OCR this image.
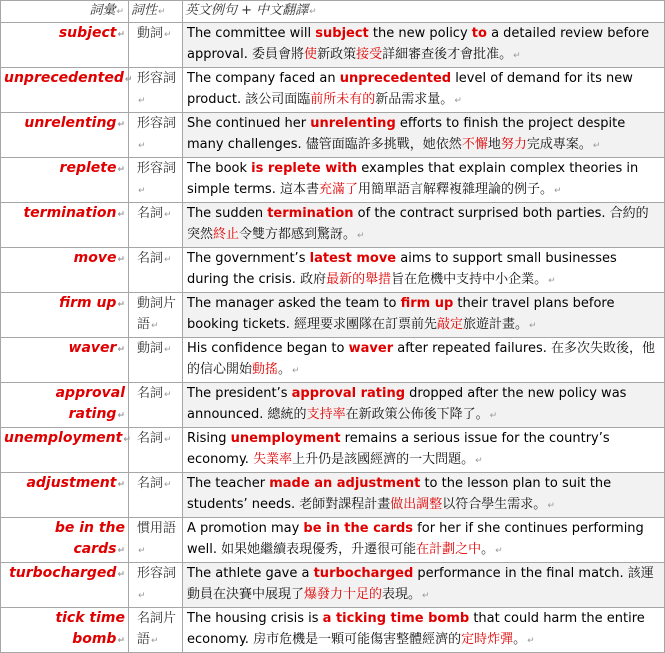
詞彙↵	詞性↵	英文例句 + 中文翻譯↵
subject↵	動詞↵	The committee will subject the new policy to a detailed review before approval. 委員會將使新政策接受詳細審查後才會批准。↵
unprecedented↵	形容詞↵	The company faced an unprecedented level of demand for its new product. 該公司面臨前所未有的新品需求量。↵
unrelenting↵	形容詞↵	She continued her unrelenting efforts to finish the project despite many challenges. 儘管面臨許多挑戰，她依然不懈地努力完成專案。↵
replete↵	形容詞↵	The book is replete with examples that explain complex theories in simple terms. 這本書充滿了用簡單語言解釋複雜理論的例子。↵
termination↵	名詞↵	The sudden termination of the contract surprised both parties. 合約的突然終止令雙方都感到驚訝。↵
move↵	名詞↵	The government’s latest move aims to support small businesses during the crisis. 政府最新的舉措旨在危機中支持中小企業。↵
firm up↵	動詞片語↵	The manager asked the team to firm up their travel plans before booking tickets. 經理要求團隊在訂票前先敲定旅遊計畫。↵
waver↵	動詞↵	His confidence began to waver after repeated failures. 在多次失敗後，他的信心開始動搖。↵
approval rating↵	名詞↵	The president’s approval rating dropped after the new policy was announced. 總統的支持率在新政策公佈後下降了。↵
unemployment↵	名詞↵	Rising unemployment remains a serious issue for the country’s economy. 失業率上升仍是該國經濟的一大問題。↵
adjustment↵	名詞↵	The teacher made an adjustment to the lesson plan to suit the students’ needs. 老師對課程計畫做出調整以符合學生需求。↵
be in the cards↵	慣用語↵	A promotion may be in the cards for her if she continues performing well. 如果她繼續表現優秀，升遷很可能在計劃之中。↵
turbocharged↵	形容詞↵	The athlete gave a turbocharged performance in the final match. 該運動員在決賽中展現了爆發力十足的表現。↵
tick time bomb↵	名詞片語↵	The housing crisis is a ticking time bomb that could harm the entire economy. 房市危機是一顆可能傷害整體經濟的定時炸彈。↵
